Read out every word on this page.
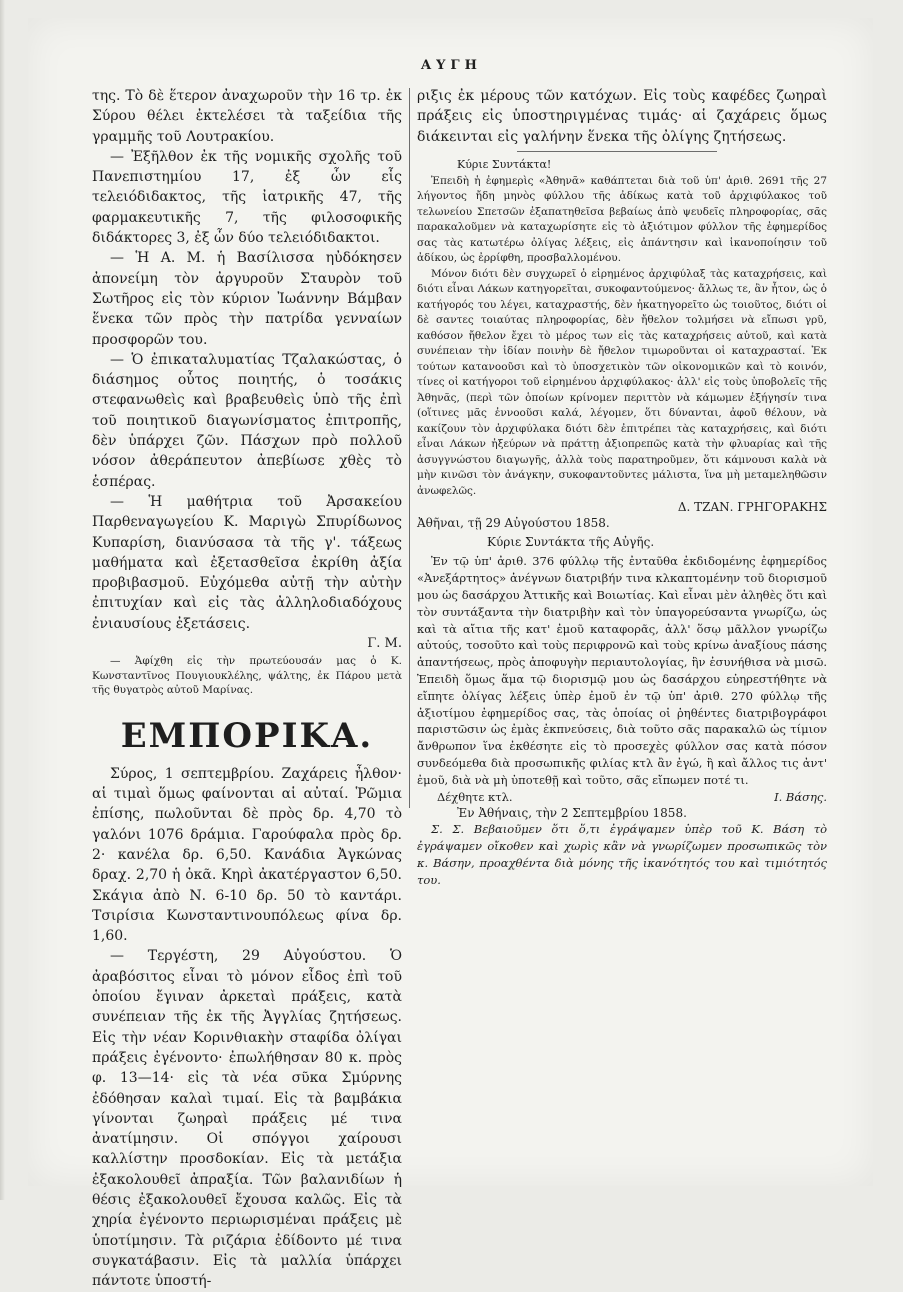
ΑΥΓΗ

της. Τὸ δὲ ἕτερον ἀναχωροῦν τὴν 16 τρ. ἐκ Σύρου θέλει ἐκτελέσει τὰ ταξείδια τῆς γραμμῆς τοῦ Λουτρακίου.

— Ἐξῆλθον ἐκ τῆς νομικῆς σχολῆς τοῦ Πανεπιστημίου 17, ἐξ ὧν εἷς τελειόδιδακτος, τῆς ἰατρικῆς 47, τῆς φαρμακευτικῆς 7, τῆς φιλοσοφικῆς διδάκτορες 3, ἐξ ὧν δύο τελειόδιδακτοι.

— Ἡ Α. Μ. ἡ Βασίλισσα ηὐδόκησεν ἀπονείμη τὸν ἀργυροῦν Σταυρὸν τοῦ Σωτῆρος εἰς τὸν κύριον Ἰωάννην Βάμβαν ἕνεκα τῶν πρὸς τὴν πατρίδα γενναίων προσφορῶν του.

— Ὁ ἐπικαταλυματίας Τζαλακώστας, ὁ διάσημος οὗτος ποιητής, ὁ τοσάκις στεφανωθεὶς καὶ βραβευθεὶς ὑπὸ τῆς ἐπὶ τοῦ ποιητικοῦ διαγωνίσματος ἐπιτροπῆς, δὲν ὑπάρχει ζῶν. Πάσχων πρὸ πολλοῦ νόσον ἀθεράπευτον ἀπεβίωσε χθὲς τὸ ἑσπέρας.

— Ἡ μαθήτρια τοῦ Ἀρσακείου Παρθεναγωγείου Κ. Μαριγὼ Σπυρίδωνος Κυπαρίση, διανύσασα τὰ τῆς γ'. τάξεως μαθήματα καὶ ἐξετασθεῖσα ἐκρίθη ἀξία προβιβασμοῦ. Εὐχόμεθα αὐτῇ τὴν αὐτὴν ἐπιτυχίαν καὶ εἰς τὰς ἀλληλοδιαδόχους ἐνιαυσίους ἐξετάσεις.

Γ. Μ.

— Ἀφίχθη εἰς τὴν πρωτεύουσάν μας ὁ Κ. Κωνσταντῖνος Πουγιουκλέλης, ψάλτης, ἐκ Πάρου μετὰ τῆς θυγατρὸς αὐτοῦ Μαρίνας.

ΕΜΠΟΡΙΚΑ.

Σύρος, 1 σεπτεμβρίου. Ζαχάρεις ἦλθον· αἱ τιμαὶ ὅμως φαίνονται αἱ αὐταί. Ῥῶμια ἐπίσης, πωλοῦνται δὲ πρὸς δρ. 4,70 τὸ γαλόνι 1076 δράμια. Γαρούφαλα πρὸς δρ. 2· κανέλα δρ. 6,50. Κανάδια Ἀγκώνας δραχ. 2,70 ἡ ὀκᾶ. Κηρὶ ἀκατέργαστον 6,50. Σκάγια ἀπὸ Ν. 6-10 δρ. 50 τὸ καντάρι. Τσιρίσια Κωνσταντινουπόλεως φίνα δρ. 1,60.

— Τεργέστη, 29 Αὐγούστου. Ὁ ἀραβόσιτος εἶναι τὸ μόνον εἶδος ἐπὶ τοῦ ὁποίου ἔγιναν ἀρκεταὶ πράξεις, κατὰ συνέπειαν τῆς ἐκ τῆς Ἀγγλίας ζητήσεως. Εἰς τὴν νέαν Κορινθιακὴν σταφίδα ὀλίγαι πράξεις ἐγένοντο· ἐπωλήθησαν 80 κ. πρὸς φ. 13—14· εἰς τὰ νέα σῦκα Σμύρνης ἐδόθησαν καλαὶ τιμαί. Εἰς τὰ βαμβάκια γίνονται ζωηραὶ πράξεις μέ τινα ἀνατίμησιν. Οἱ σπόγγοι χαίρουσι καλλίστην προσδοκίαν. Εἰς τὰ μετάξια ἐξακολουθεῖ ἀπραξία. Τῶν βαλανιδίων ἡ θέσις ἐξακολουθεῖ ἔχουσα καλῶς. Εἰς τὰ χηρία ἐγένοντο περιωρισμέναι πράξεις μὲ ὑποτίμησιν. Τὰ ριζάρια ἐδίδοντο μέ τινα συγκατάβασιν. Εἰς τὰ μαλλία ὑπάρχει πάντοτε ὑποστή-

ριξις ἐκ μέρους τῶν κατόχων. Εἰς τοὺς καφέδες ζωηραὶ πράξεις εἰς ὑποστηριγμένας τιμάς· αἱ ζαχάρεις ὅμως διάκεινται εἰς γαλήνην ἕνεκα τῆς ὀλίγης ζητήσεως.

Κύριε Συντάκτα!

Ἐπειδὴ ἡ ἐφημερὶς «Ἀθηνᾶ» καθάπτεται διὰ τοῦ ὑπ' ἀριθ. 2691 τῆς 27 λήγοντος ἤδη μηνὸς φύλλου τῆς ἀδίκως κατὰ τοῦ ἀρχιφύλακος τοῦ τελωνείου Σπετσῶν ἐξαπατηθεῖσα βεβαίως ἀπὸ ψευδεῖς πληροφορίας, σᾶς παρακαλοῦμεν νὰ καταχωρίσητε εἰς τὸ ἀξιότιμον φύλλον τῆς ἐφημερίδος σας τὰς κατωτέρω ὀλίγας λέξεις, εἰς ἀπάντησιν καὶ ἱκανοποίησιν τοῦ ἀδίκου, ὡς ἐρρίφθη, προσβαλλομένου.

Μόνον διότι δὲν συγχωρεῖ ὁ εἰρημένος ἀρχιφύλαξ τὰς καταχρήσεις, καὶ διότι εἶναι Λάκων κατηγορεῖται, συκοφαντούμενος· ἄλλως τε, ἂν ἦτον, ὡς ὁ κατήγορός του λέγει, καταχραστής, δὲν ἠκατηγορεῖτο ὡς τοιοῦτος, διότι οἱ δὲ σαντες τοιαύτας πληροφορίας, δὲν ἤθελον τολμήσει νὰ εἴπωσι γρῦ, καθόσον ἤθελον ἔχει τὸ μέρος των εἰς τὰς καταχρήσεις αὐτοῦ, καὶ κατὰ συνέπειαν τὴν ἰδίαν ποινὴν δὲ ἤθελον τιμωροῦνται οἱ καταχρασταί. Ἐκ τούτων κατανοοῦσι καὶ τὸ ὑποσχετικὸν τῶν οἰκονομικῶν καὶ τὸ κοινόν, τίνες οἱ κατήγοροι τοῦ εἰρημένου ἀρχιφύλακος· ἀλλ' εἰς τοὺς ὑποβολεῖς τῆς Ἀθηνᾶς, (περὶ τῶν ὁποίων κρίνομεν περιττὸν νὰ κάμωμεν ἐξήγησίν τινα (οἵτινες μᾶς ἐννοοῦσι καλά, λέγομεν, ὅτι δύνανται, ἀφοῦ θέλουν, νὰ κακίζουν τὸν ἀρχιφύλακα διότι δὲν ἐπιτρέπει τὰς καταχρήσεις, καὶ διότι εἶναι Λάκων ἠξεύρων νὰ πράττῃ ἀξιοπρεπῶς κατὰ τὴν φλυαρίας καὶ τῆς ἀσυγγνώστου διαγωγῆς, ἀλλὰ τοὺς παρατηροῦμεν, ὅτι κάμνουσι καλὰ νὰ μὴν κινῶσι τὸν ἀνάγκην, συκοφαντοῦντες μάλιστα, ἵνα μὴ μεταμεληθῶσιν ἀνωφελῶς.

Δ. ΤΖΑΝ. ΓΡΗΓΟΡΑΚΗΣ
Ἀθῆναι, τῇ 29 Αὐγούστου 1858.
Κύριε Συντάκτα τῆς Αὐγῆς.

Ἐν τῷ ὑπ' ἀριθ. 376 φύλλῳ τῆς ἐνταῦθα ἐκδιδομένης ἐφημερίδος «Ἀνεξάρτητος» ἀνέγνων διατριβήν τινα κλκαπτομένην τοῦ διορισμοῦ μου ὡς δασάρχου Ἀττικῆς καὶ Βοιωτίας. Καὶ εἶναι μὲν ἀληθὲς ὅτι καὶ τὸν συντάξαντα τὴν διατριβὴν καὶ τὸν ὑπαγορεύσαντα γνωρίζω, ὡς καὶ τὰ αἴτια τῆς κατ' ἐμοῦ καταφορᾶς, ἀλλ' ὅσῳ μᾶλλον γνωρίζω αὐτούς, τοσοῦτο καὶ τοὺς περιφρονῶ καὶ τοὺς κρίνω ἀναξίους πάσης ἀπαντήσεως, πρὸς ἀποφυγὴν περιαυτολογίας, ἣν ἐσυνήθισα νὰ μισῶ. Ἐπειδὴ ὅμως ἅμα τῷ διορισμῷ μου ὡς δασάρχου εὐηρεστήθητε νὰ εἴπητε ὀλίγας λέξεις ὑπὲρ ἐμοῦ ἐν τῷ ὑπ' ἀριθ. 270 φύλλῳ τῆς ἀξιοτίμου ἐφημερίδος σας, τὰς ὁποίας οἱ ῥηθέντες διατριβογράφοι παριστῶσιν ὡς ἐμὰς ἐκπνεύσεις, διὰ τοῦτο σᾶς παρακαλῶ ὡς τίμιον ἄνθρωπον ἵνα ἐκθέσητε εἰς τὸ προσεχὲς φύλλον σας κατὰ πόσον συνδεόμεθα διὰ προσωπικῆς φιλίας κτλ ἂν ἐγώ, ἢ καὶ ἄλλος τις ἀντ' ἐμοῦ, διὰ νὰ μὴ ὑποτεθῇ καὶ τοῦτο, σᾶς εἴπωμεν ποτέ τι.

Δέχθητε κτλ.	Ι. Βάσης.
Ἐν Ἀθήναις, τὴν 2 Σεπτεμβρίου 1858.

Σ. Σ. Βεβαιοῦμεν ὅτι ὅ,τι ἐγράψαμεν ὑπὲρ τοῦ Κ. Βάση τὸ ἐγράψαμεν οἴκοθεν καὶ χωρὶς κἂν νὰ γνωρίζωμεν προσωπικῶς τὸν κ. Βάσην, προαχθέντα διὰ μόνης τῆς ἱκανότητός του καὶ τιμιότητός του.
